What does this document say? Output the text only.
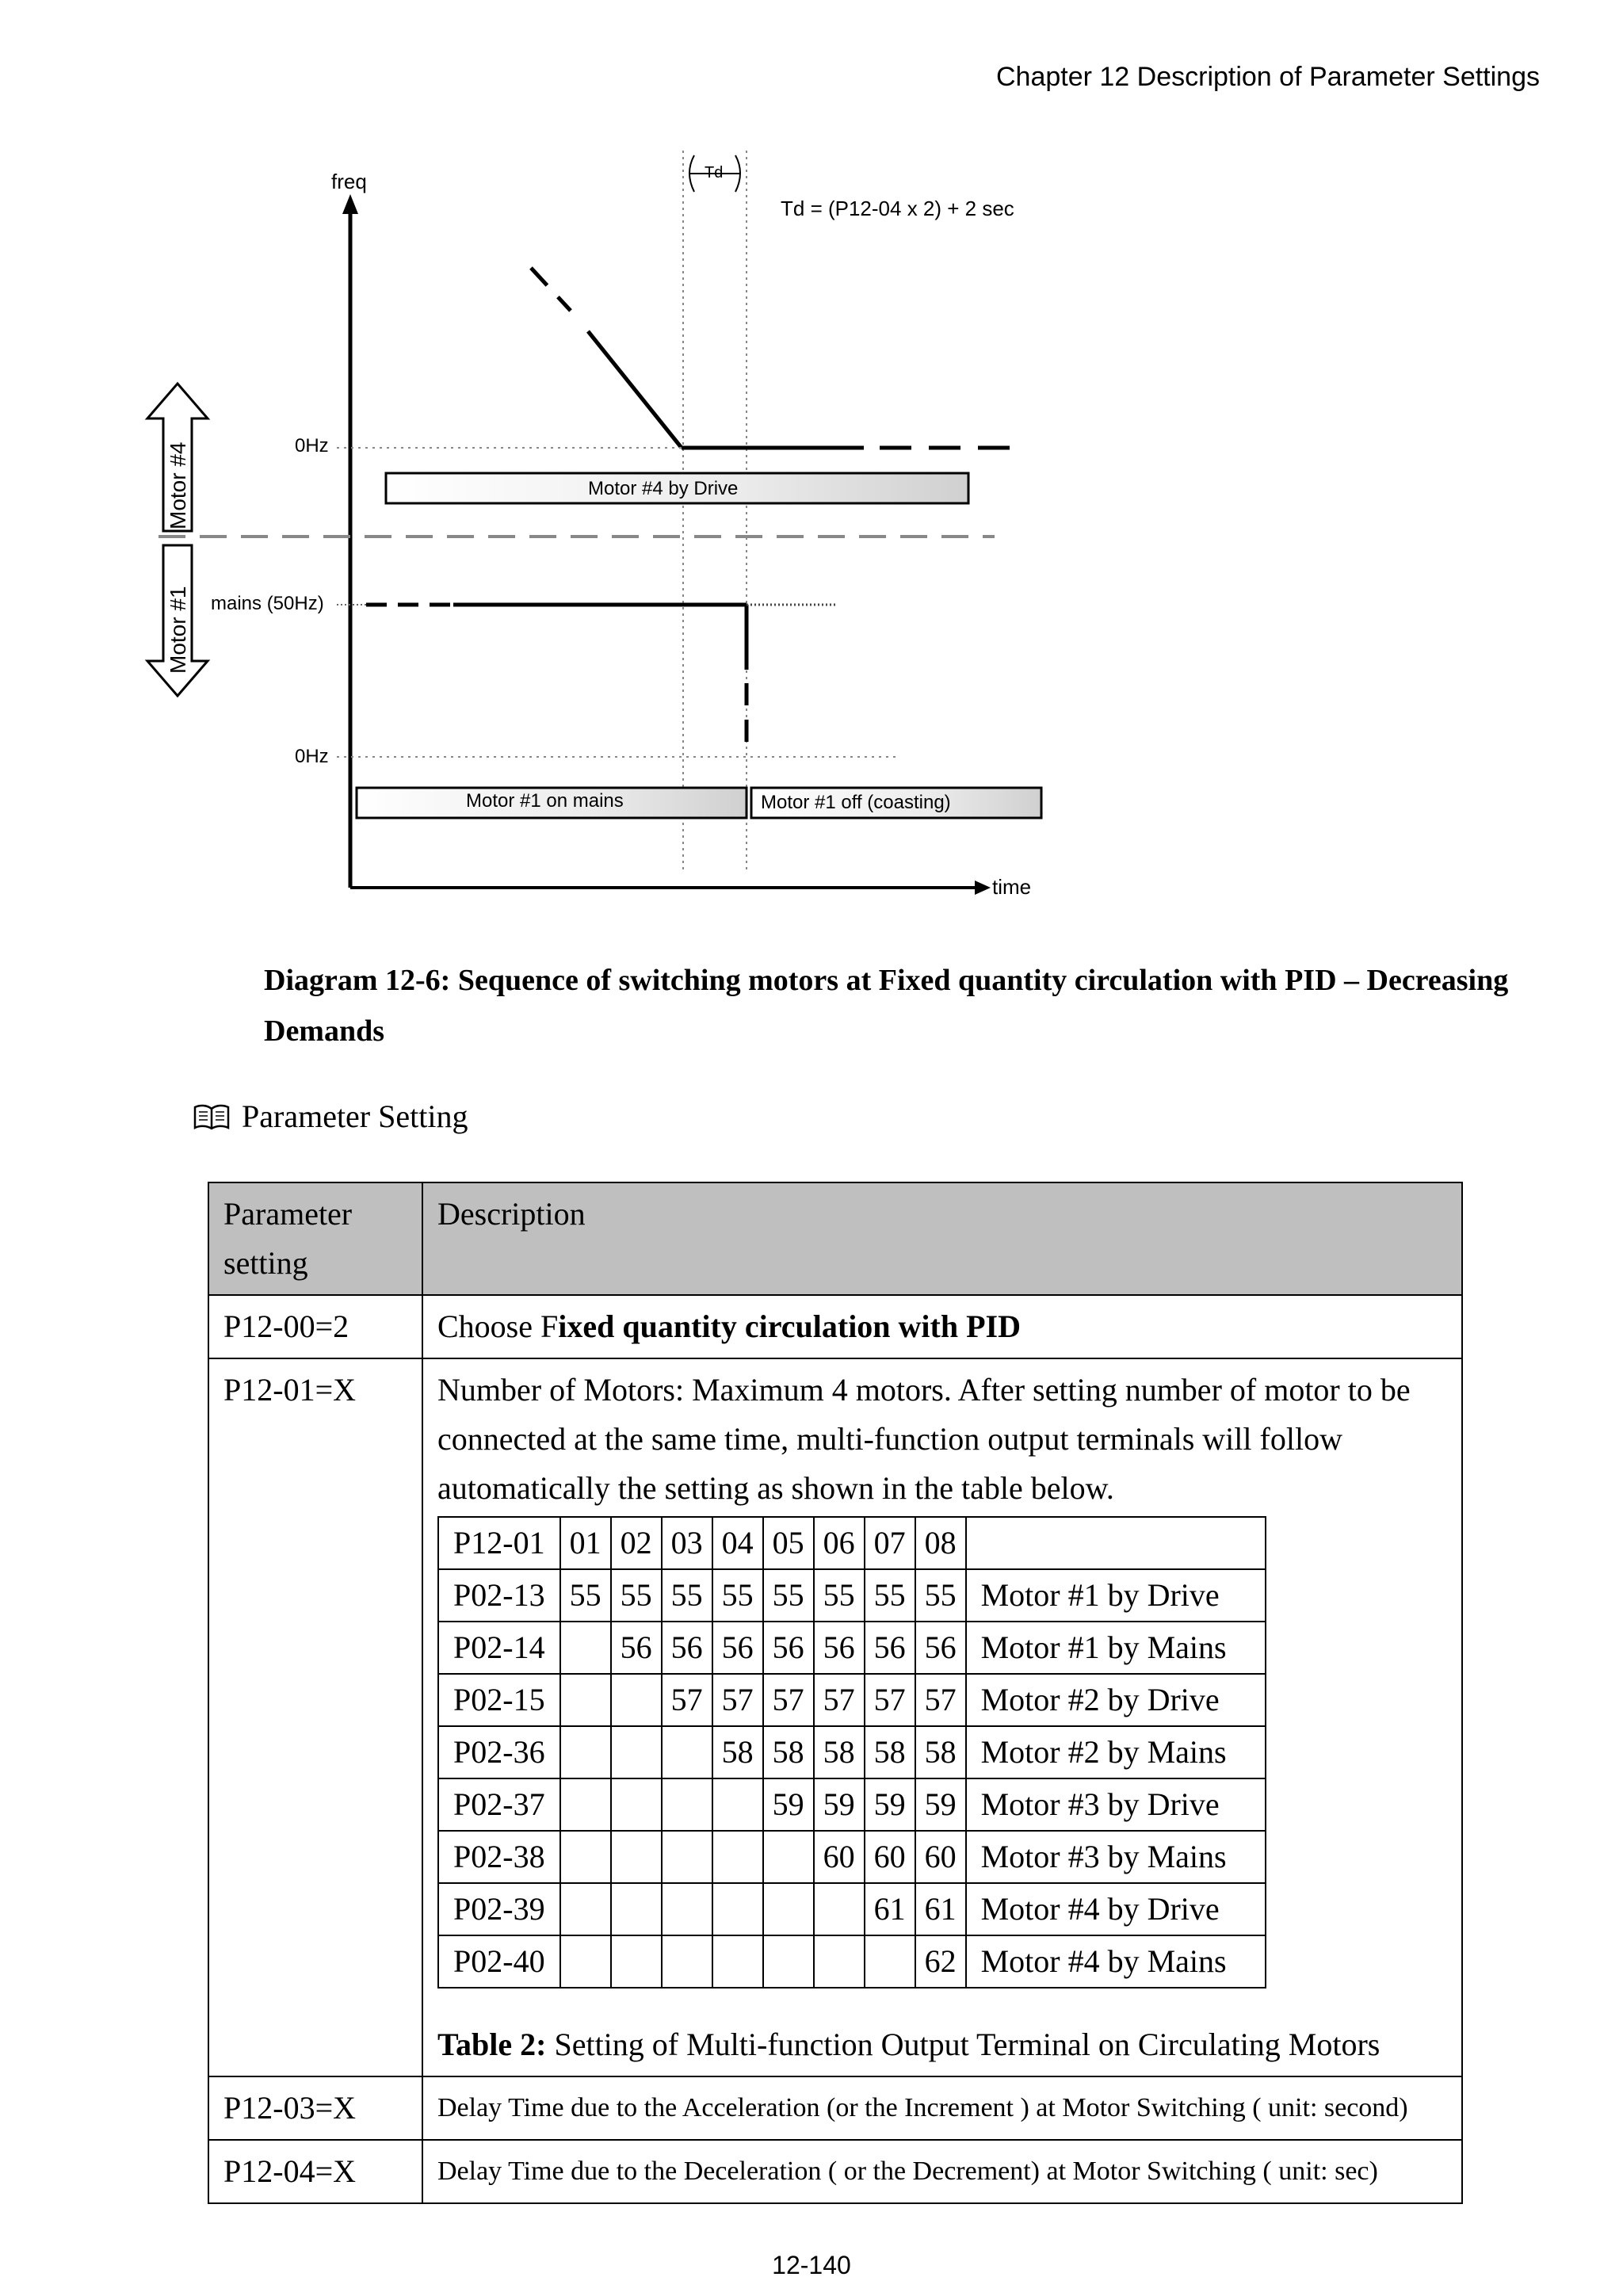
Chapter 12 Description of Parameter Settings
freq
time
Td
Td = (P12-04 x 2) + 2 sec
0Hz
Motor #4 by Drive
Motor #4
Motor #1 mains (50Hz)
0Hz
Motor #1 on mains	Motor #1 off (coasting)
Diagram 12-6: Sequence of switching motors at Fixed quantity circulation with PID – Decreasing Demands
Parameter Setting
Parameter setting	Description
P12-00=2	Choose Fixed quantity circulation with PID
P12-01=X	Number of Motors: Maximum 4 motors. After setting number of motor to be connected at the same time, multi-function output terminals will follow automatically the setting as shown in the table below.
P12-01	01	02	03	04	05	06	07	08	
P02-13	55	55	55	55	55	55	55	55	Motor #1 by Drive
P02-14		56	56	56	56	56	56	56	Motor #1 by Mains
P02-15			57	57	57	57	57	57	Motor #2 by Drive
P02-36				58	58	58	58	58	Motor #2 by Mains
P02-37					59	59	59	59	Motor #3 by Drive
P02-38						60	60	60	Motor #3 by Mains
P02-39							61	61	Motor #4 by Drive
P02-40								62	Motor #4 by Mains
Table 2: Setting of Multi-function Output Terminal on Circulating Motors

P12-03=X	Delay Time due to the Acceleration (or the Increment ) at Motor Switching ( unit: second)
P12-04=X	Delay Time due to the Deceleration ( or the Decrement) at Motor Switching ( unit: sec)
12-140
